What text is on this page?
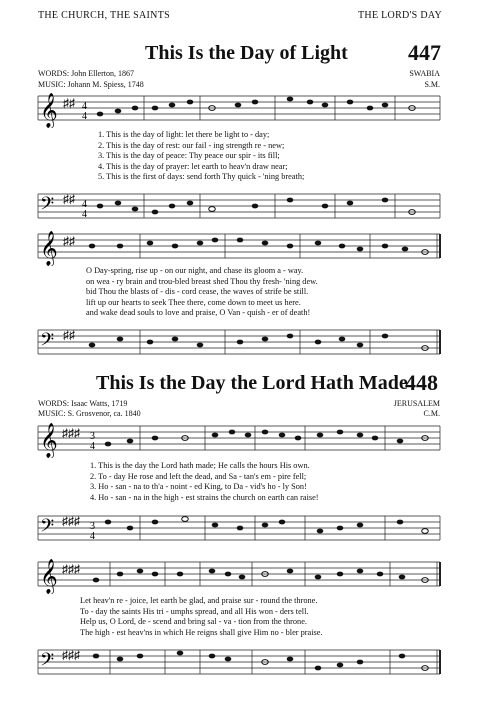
THE CHURCH, THE SAINTS	THE LORD'S DAY
This Is the Day of Light	447
WORDS: John Ellerton, 1867
MUSIC: Johann M. Spiess, 1748
SWABIA
S.M.
𝄞 ♯♯ 4
4
1. This is the day of light: let there be light to - day;
2. This is the day of rest: our fail - ing strength re - new;
3. This is the day of peace: Thy peace our spir - its fill;
4. This is the day of prayer: let earth to heav'n draw near;
5. This is the first of days: send forth Thy quick - 'ning breath;
𝄢 ♯♯ 4
4
𝄞 ♯♯
O Day-spring, rise up - on our night, and chase its gloom a - way.
on wea - ry brain and trou-bled breast shed Thou thy fresh- 'ning dew.
bid Thou the blasts of - dis - cord cease, the waves of strife be still.
lift up our hearts to seek Thee there, come down to meet us here.
and wake dead souls to love and praise, O Van - quish - er of death!
𝄢 ♯♯
This Is the Day the Lord Hath Made
448
WORDS: Isaac Watts, 1719
MUSIC: S. Grosvenor, ca. 1840
JERUSALEM
C.M.
𝄞 ♯♯♯ 3
4
1. This is the day the Lord hath made; He calls the hours His own.
2. To - day He rose and left the dead, and Sa - tan's em - pire fell;
3. Ho - san - na to th'a - noint - ed King, to Da - vid's ho - ly Son!
4. Ho - san - na in the high - est strains the church on earth can raise!
𝄢 ♯♯♯ 3
4
𝄞 ♯♯♯
Let heav'n re - joice, let earth be glad, and praise sur - round the throne.
To - day the saints His tri - umphs spread, and all His won - ders tell.
Help us, O Lord, de - scend and bring sal - va - tion from the throne.
The high - est heav'ns in which He reigns shall give Him no - bler praise.
𝄢 ♯♯♯
